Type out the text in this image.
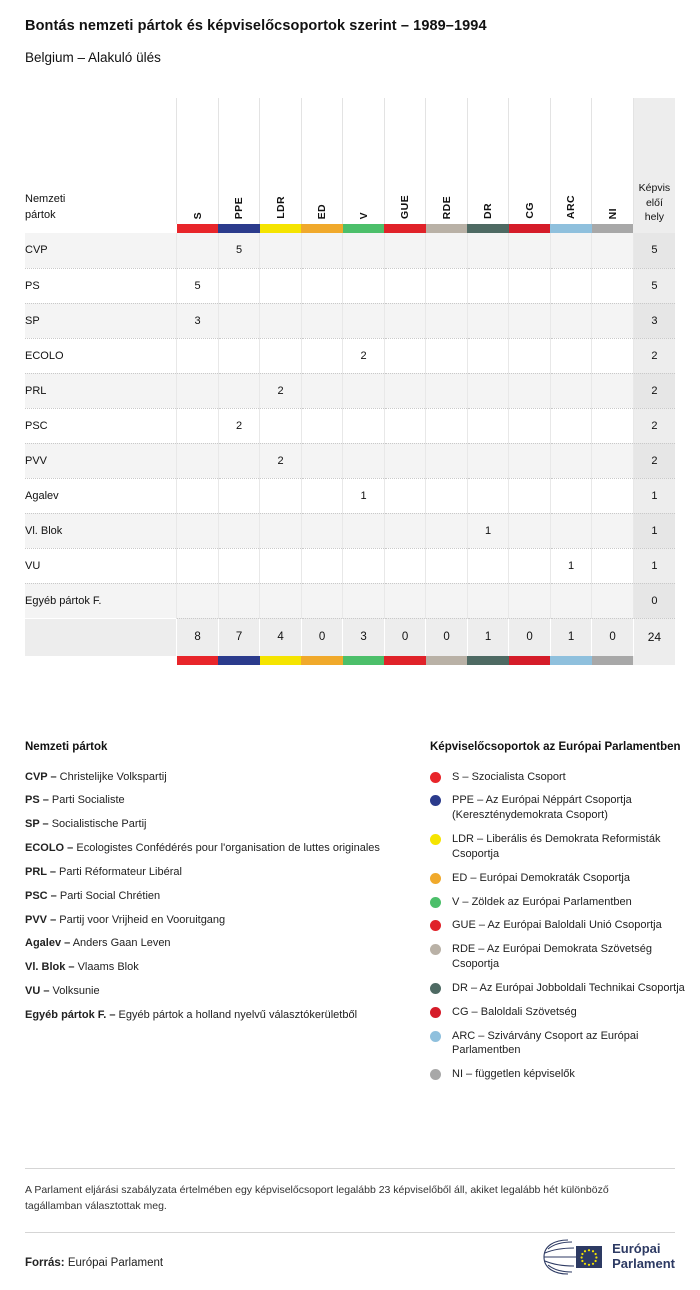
Bontás nemzeti pártok és képviselőcsoportok szerint – 1989–1994
Belgium – Alakuló ülés
Nemzeti
pártok	S	PPE	LDR	ED	V	GUE	RDE	DR	CG	ARC	NI	Képvis
előí
hely

CVP		5										5
PS	5											5
SP	3											3
ECOLO					2							2
PRL			2									2
PSC		2										2
PVV			2									2
Agalev					1							1
Vl. Blok								1				1
VU										1		1
Egyéb pártok F.												0
	8	7	4	0	3	0	0	1	0	1	0	24

Nemzeti pártok
CVP – Christelijke Volkspartij
PS – Parti Socialiste
SP – Socialistische Partij
ECOLO – Ecologistes Confédérés pour l'organisation de luttes originales
PRL – Parti Réformateur Libéral
PSC – Parti Social Chrétien
PVV – Partij voor Vrijheid en Vooruitgang
Agalev – Anders Gaan Leven
Vl. Blok – Vlaams Blok
VU – Volksunie
Egyéb pártok F. – Egyéb pártok a holland nyelvű választókerületből
Képviselőcsoportok az Európai Parlamentben
S – Szocialista Csoport
PPE – Az Európai Néppárt Csoportja (Kereszténydemokrata Csoport)
LDR – Liberális és Demokrata Reformisták Csoportja
ED – Európai Demokraták Csoportja
V – Zöldek az Európai Parlamentben
GUE – Az Európai Baloldali Unió Csoportja
RDE – Az Európai Demokrata Szövetség Csoportja
DR – Az Európai Jobboldali Technikai Csoportja
CG – Baloldali Szövetség
ARC – Szivárvány Csoport az Európai Parlamentben
NI – független képviselők
A Parlament eljárási szabályzata értelmében egy képviselőcsoport legalább 23 képviselőből áll, akiket legalább hét különböző tagállamban választottak meg.
Forrás: Európai Parlament
Európai
Parlament
